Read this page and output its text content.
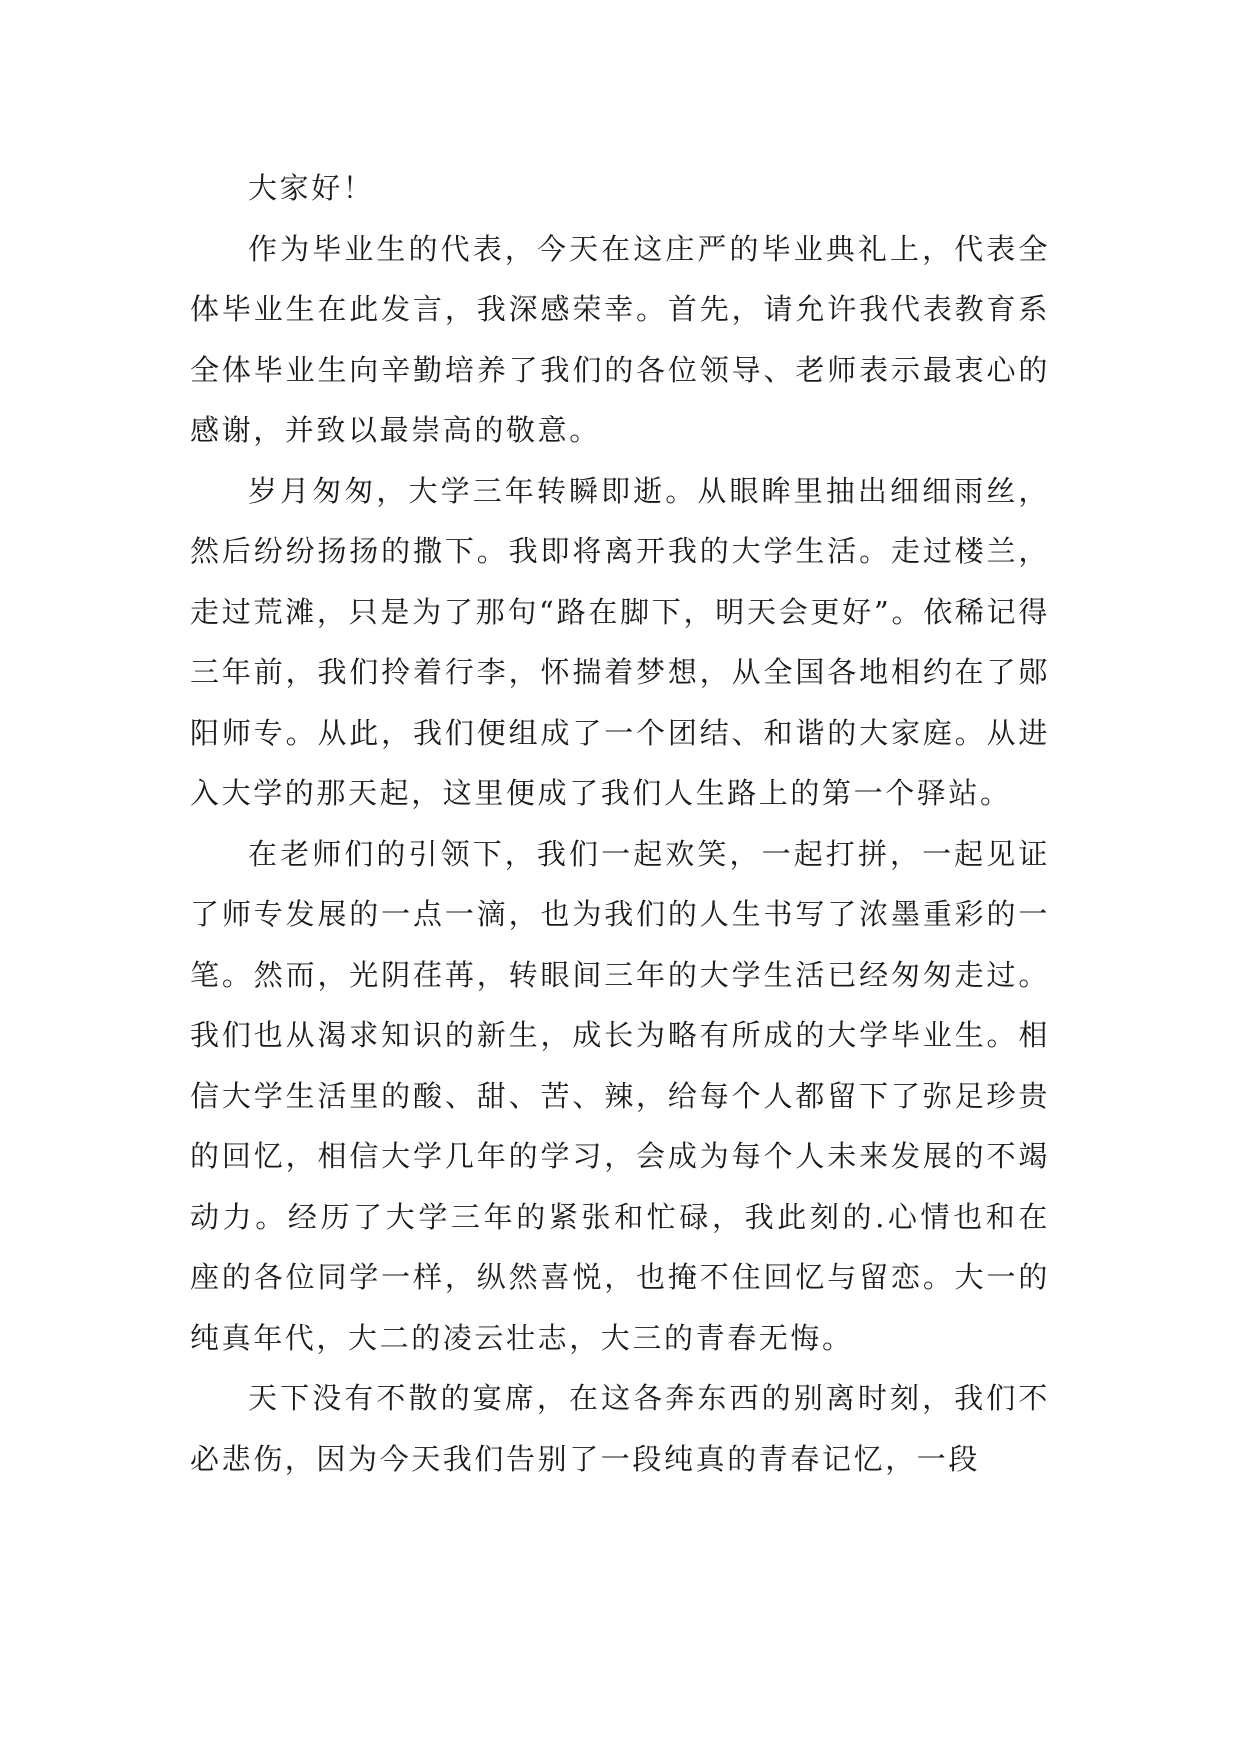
大家好！

作为毕业生的代表，今天在这庄严的毕业典礼上，代表全体毕业生在此发言，我深感荣幸。首先，请允许我代表教育系全体毕业生向辛勤培养了我们的各位领导、老师表示最衷心的感谢，并致以最崇高的敬意。

岁月匆匆，大学三年转瞬即逝。从眼眸里抽出细细雨丝，然后纷纷扬扬的撒下。我即将离开我的大学生活。走过楼兰，走过荒滩，只是为了那句“路在脚下，明天会更好”。依稀记得三年前，我们拎着行李，怀揣着梦想，从全国各地相约在了郧阳师专。从此，我们便组成了一个团结、和谐的大家庭。从进入大学的那天起，这里便成了我们人生路上的第一个驿站。

在老师们的引领下，我们一起欢笑，一起打拼，一起见证了师专发展的一点一滴，也为我们的人生书写了浓墨重彩的一笔。然而，光阴荏苒，转眼间三年的大学生活已经匆匆走过。我们也从渴求知识的新生，成长为略有所成的大学毕业生。相信大学生活里的酸、甜、苦、辣，给每个人都留下了弥足珍贵的回忆，相信大学几年的学习，会成为每个人未来发展的不竭动力。经历了大学三年的紧张和忙碌，我此刻的.心情也和在座的各位同学一样，纵然喜悦，也掩不住回忆与留恋。大一的纯真年代，大二的凌云壮志，大三的青春无悔。

天下没有不散的宴席，在这各奔东西的别离时刻，我们不必悲伤，因为今天我们告别了一段纯真的青春记忆，一段
